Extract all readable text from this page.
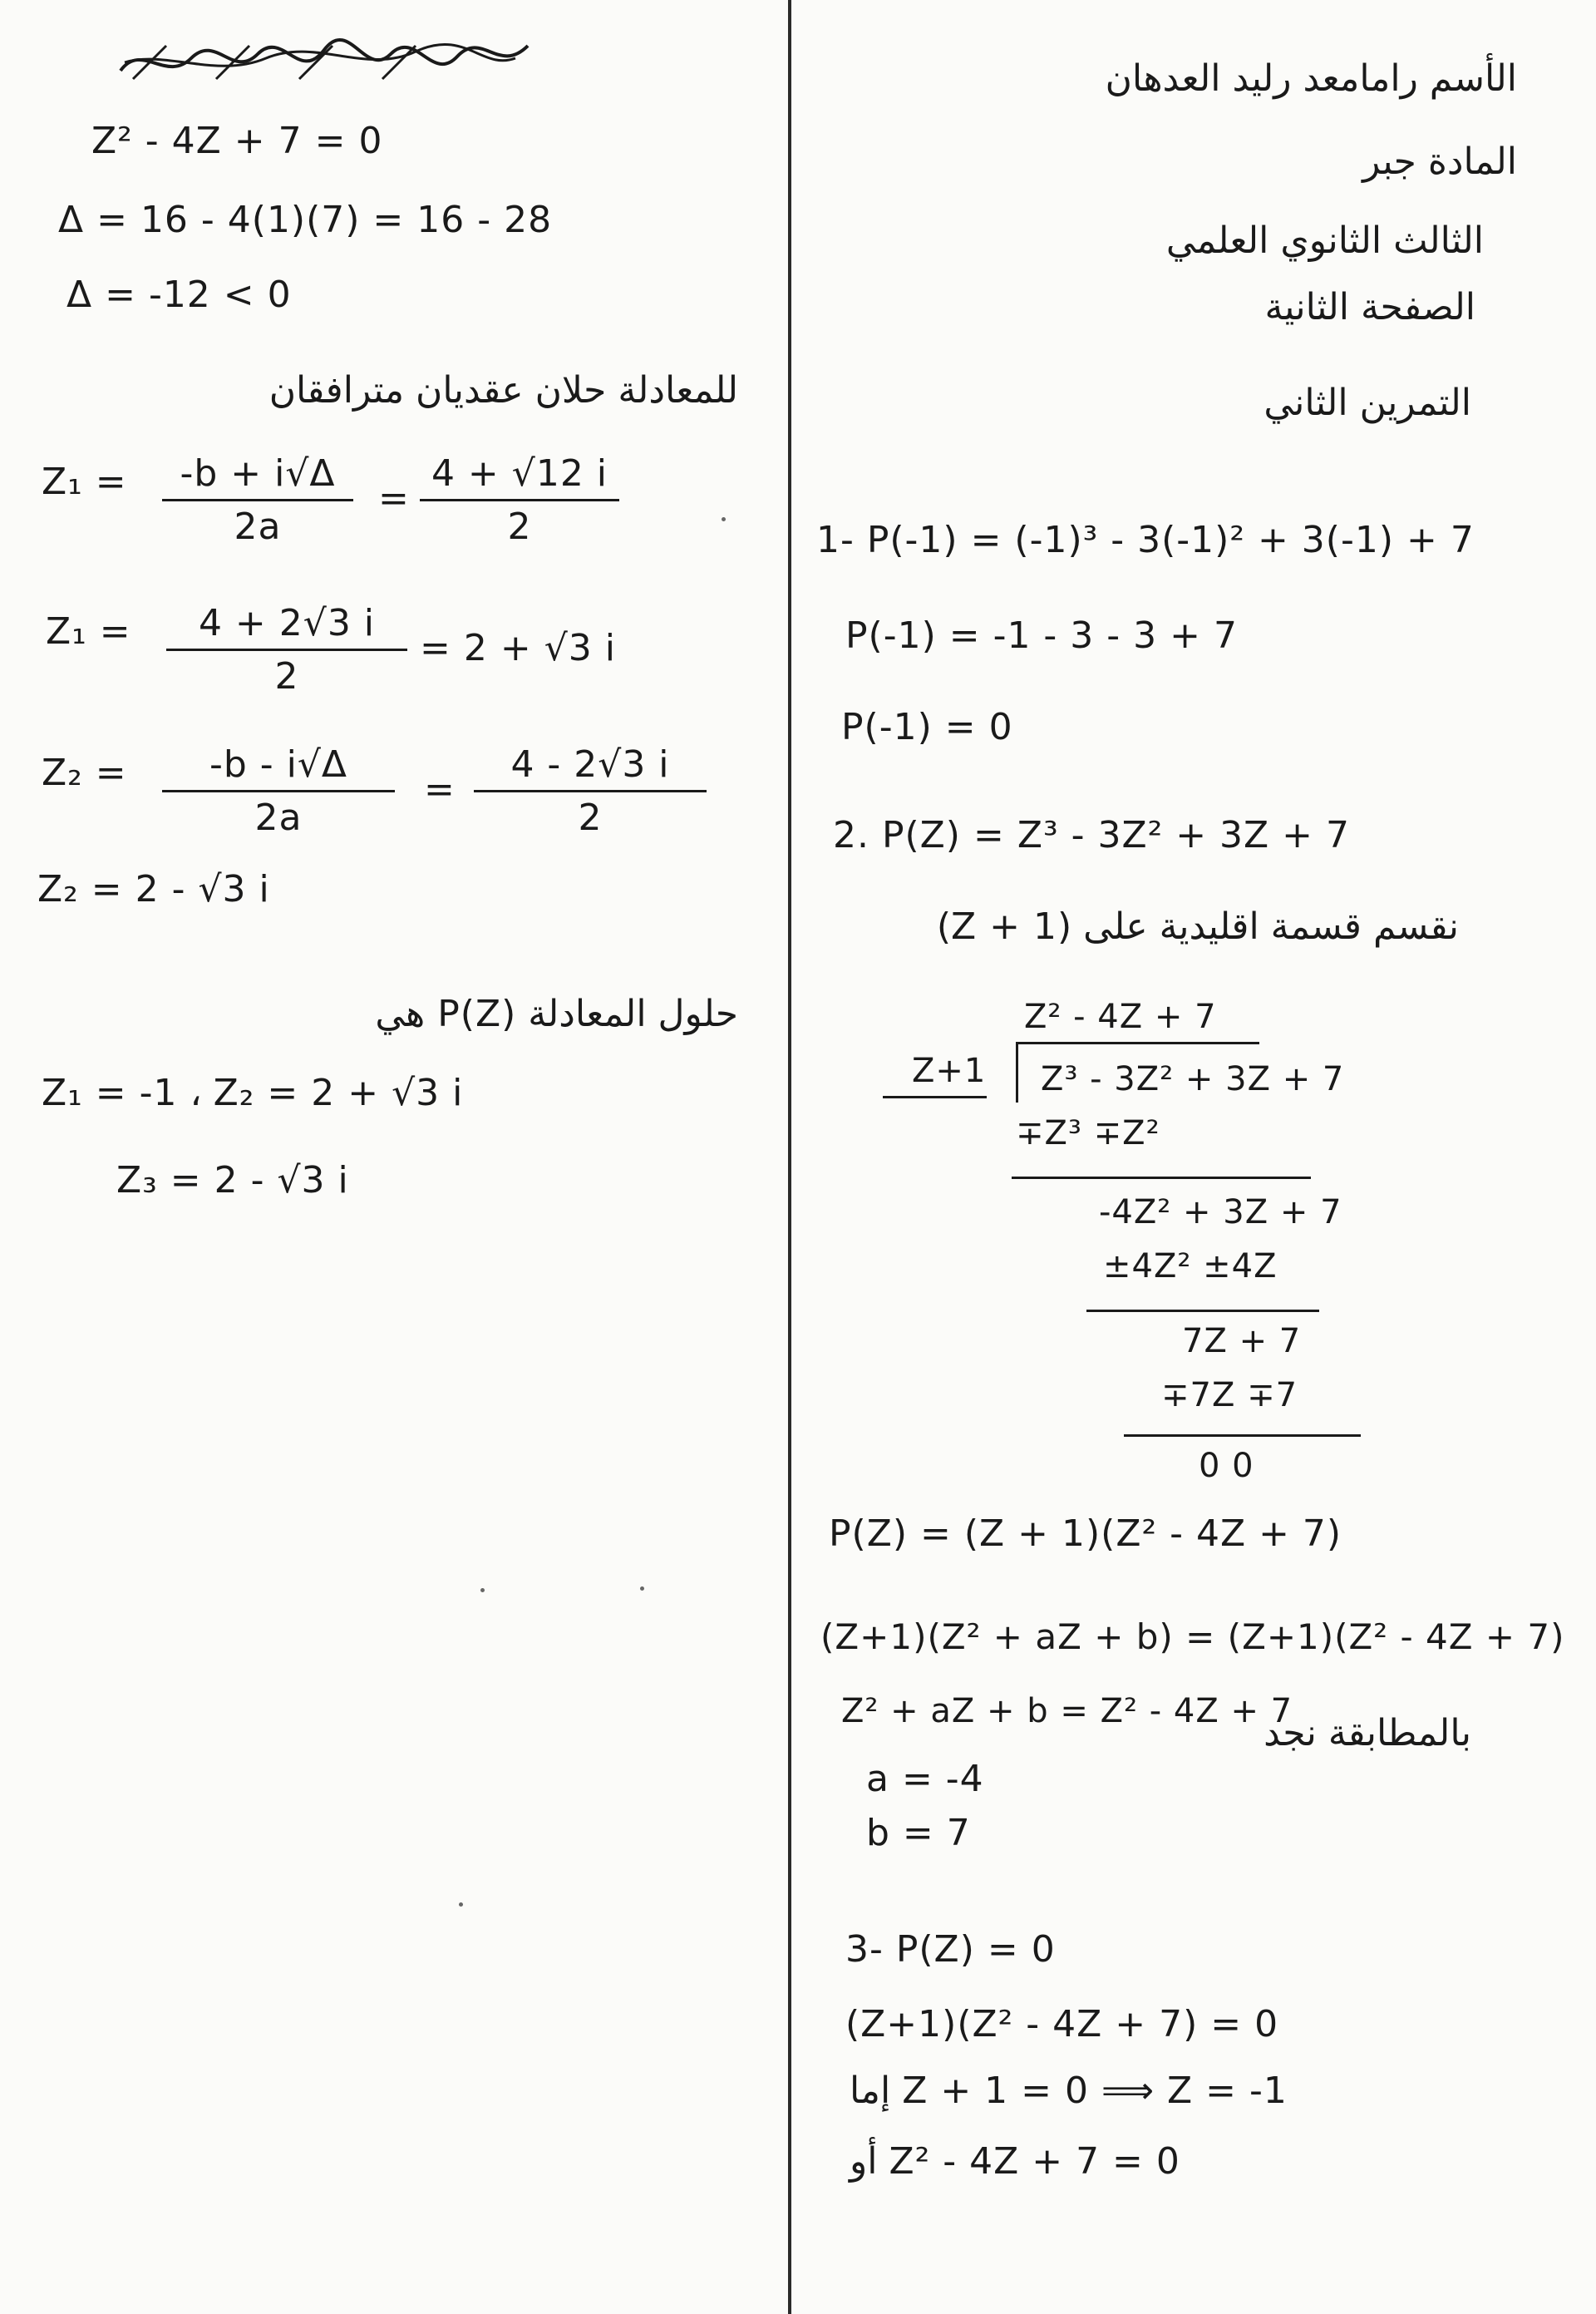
Z² - 4Z + 7 = 0
Δ = 16 - 4(1)(7) = 16 - 28
Δ = -12 < 0
للمعادلة حلان عقديان مترافقان
$Z_1 = \frac{-b + i√\Delta}{2a} = \frac{4 + √12 i}{2}$
$Z_1 = \frac{4 + 2√3 i}{2} = 2 + √3$ i
$Z_2 = \frac{-b - i√\Delta}{2a} = \frac{4 - 2√3 i}{2}$
Z₂ = 2 - √3 i
حلول المعادلة P(Z) هي
Z₁ = -1 ، Z₂ = 2 + √3 i
Z₃ = 2 - √3 i
الأسم رامامعد رليد العدهان
المادة جبر
الثالث الثانوي العلمي
الصفحة الثانية
التمرين الثاني
1- P(-1) = (-1)³ - 3(-1)² + 3(-1) + 7
P(-1) = -1 - 3 - 3 + 7
P(-1) = 0
2. P(Z) = Z³ - 3Z² + 3Z + 7
نقسم قسمة اقليدية على (Z + 1)
Z² - 4Z + 7
Z+1 Z³ - 3Z² + 3Z + 7
∓Z³ ∓Z²
-4Z² + 3Z + 7
±4Z² ±4Z
7Z + 7
∓7Z ∓7
0 0
P(Z) = (Z + 1)(Z² - 4Z + 7)
(Z+1)(Z² + aZ + b) = (Z+1)(Z² - 4Z + 7)
Z² + aZ + b = Z² - 4Z + 7
بالمطابقة نجد
a = -4
b = 7
3- P(Z) = 0
(Z+1)(Z² - 4Z + 7) = 0
إما Z + 1 = 0 ⟹ Z = -1
أو Z² - 4Z + 7 = 0
